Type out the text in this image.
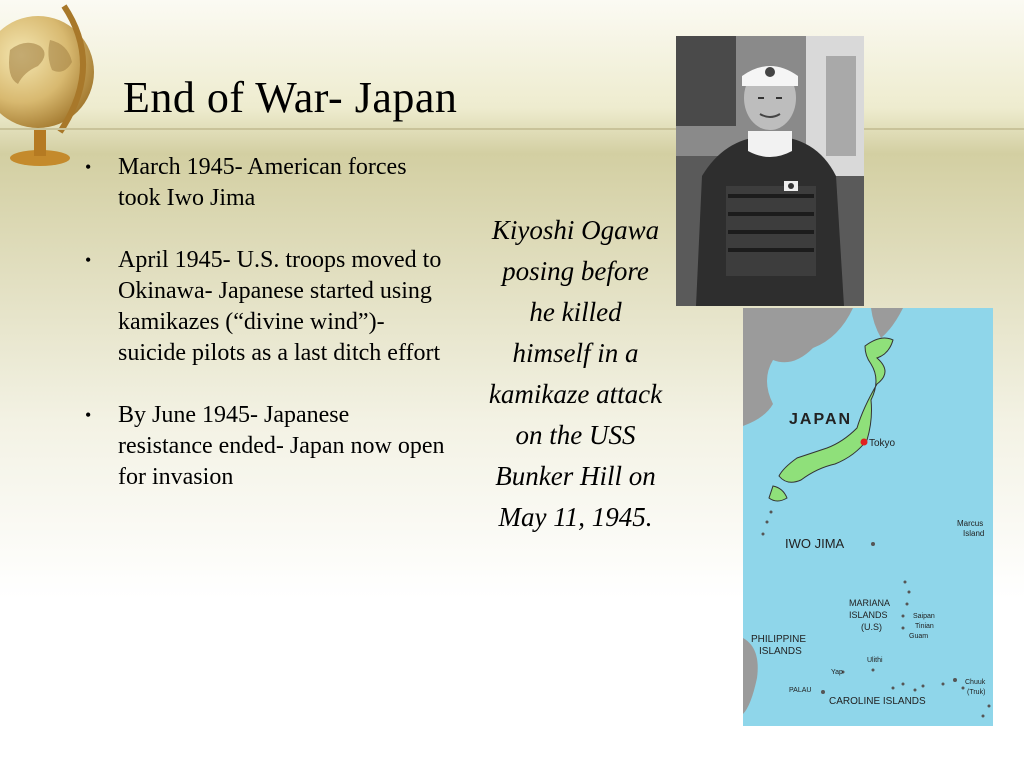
End of War- Japan
• March 1945- American forces took Iwo Jima
• April 1945- U.S. troops moved to Okinawa- Japanese started using kamikazes (“divine wind”)- suicide pilots as a last ditch effort
• By June 1945- Japanese resistance ended- Japan now open for invasion
Kiyoshi Ogawa posing before he killed himself in a kamikaze attack on the USS Bunker Hill on May 11, 1945.
JAPAN
Tokyo
IWO JIMA
Marcus
Island
MARIANA
ISLANDS
(U.S)
Saipan
Tinian
Guam
PHILIPPINE
ISLANDS
Yap
Ulithi
PALAU
CAROLINE ISLANDS
Chuuk
(Truk)
